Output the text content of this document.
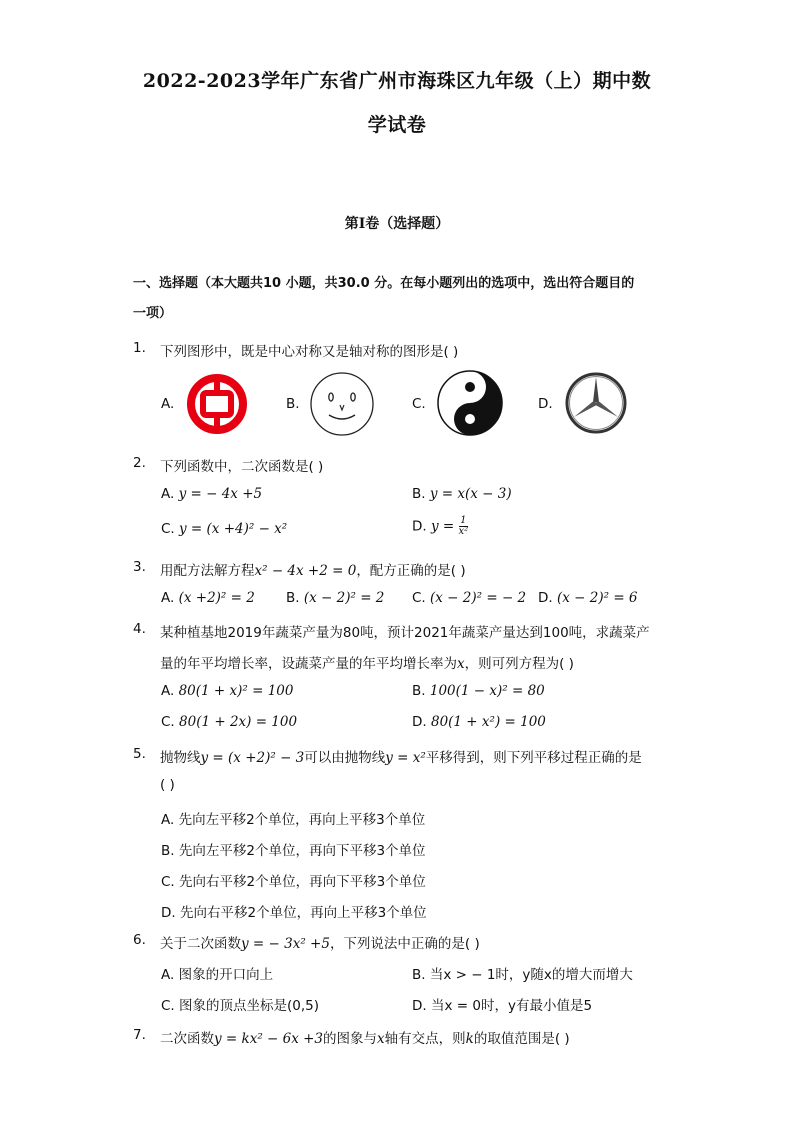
2022-2023学年广东省广州市海珠区九年级（上）期中数
学试卷
第I卷（选择题）
一、选择题（本大题共10 小题，共30.0 分。在每小题列出的选项中，选出符合题目的
一项）
1. 下列图形中，既是中心对称又是轴对称的图形是( )
A.	B.	C.	D.
2. 下列函数中，二次函数是( )
A. y = − 4x +5	B. y = x(x − 3)
C. y = (x +4)² − x²	D. $y = \frac{1}{\text{x²}}$
3. 用配方法解方程x² − 4x +2 = 0，配方正确的是( )
A. (x +2)² = 2 B. (x − 2)² = 2 C. (x − 2)² = − 2 D. (x − 2)² = 6
4. 某种植基地2019年蔬菜产量为80吨，预计2021年蔬菜产量达到100吨，求蔬菜产
量的年平均增长率，设蔬菜产量的年平均增长率为x，则可列方程为( )
A. 80(1 + x)² = 100	B. 100(1 − x)² = 80
C. 80(1 + 2x) = 100	D. 80(1 + x²) = 100
5. 抛物线y = (x +2)² − 3可以由抛物线y = x²平移得到，则下列平移过程正确的是
( )
A. 先向左平移2个单位，再向上平移3个单位
B. 先向左平移2个单位，再向下平移3个单位
C. 先向右平移2个单位，再向下平移3个单位
D. 先向右平移2个单位，再向上平移3个单位
6. 关于二次函数y = − 3x² +5，下列说法中正确的是( )
A. 图象的开口向上	B. 当x > − 1时，y随x的增大而增大
C. 图象的顶点坐标是(0,5)	D. 当x = 0时，y有最小值是5
7. 二次函数y = kx² − 6x +3的图象与x轴有交点，则k的取值范围是( )
